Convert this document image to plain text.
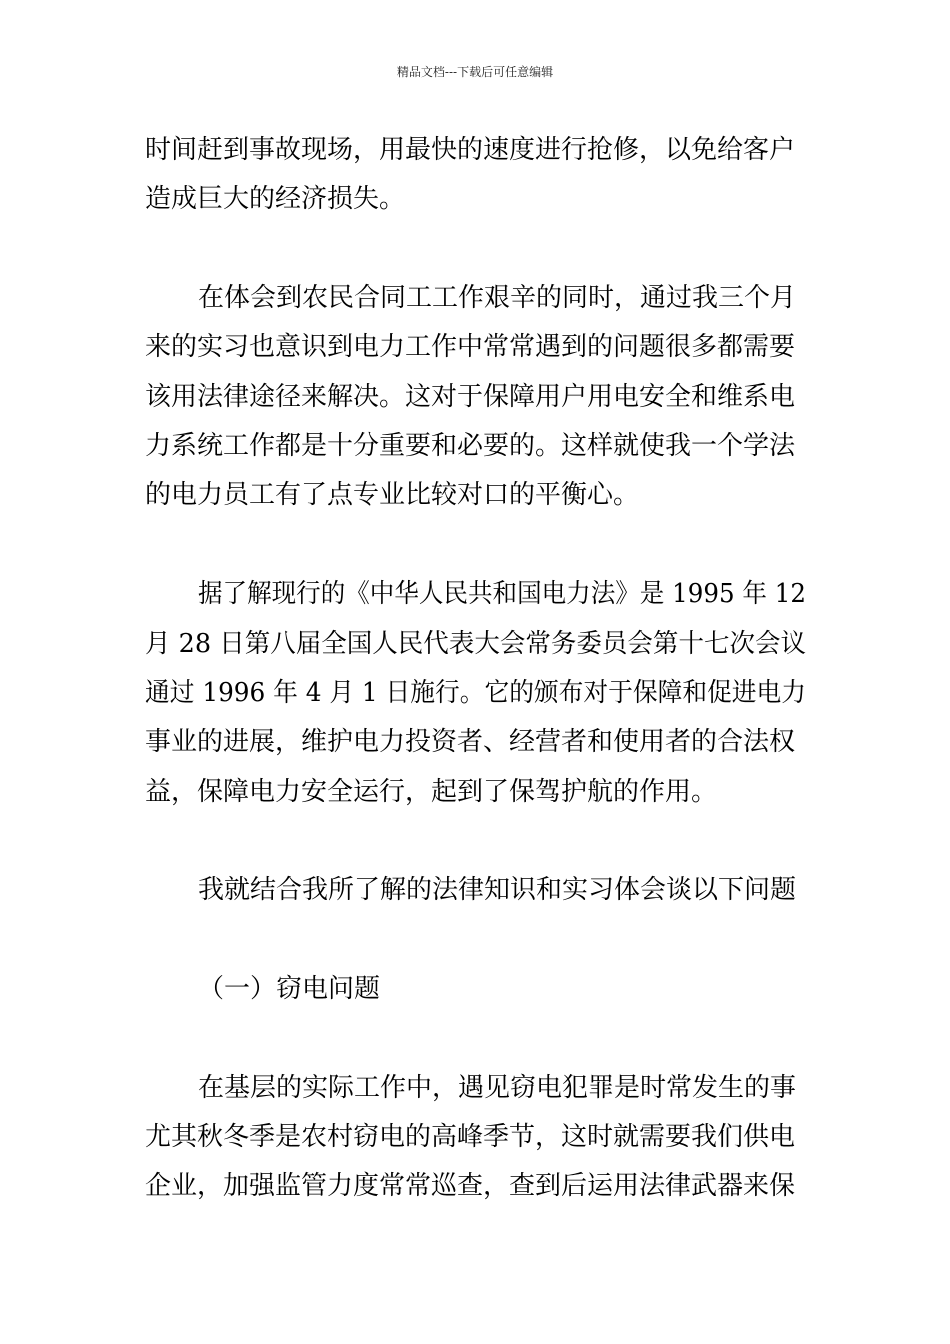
精品文档---下载后可任意编辑
时间赶到事故现场，用最快的速度进行抢修，以免给客户
造成巨大的经济损失。
在体会到农民合同工工作艰辛的同时，通过我三个月
来的实习也意识到电力工作中常常遇到的问题很多都需要
该用法律途径来解决。这对于保障用户用电安全和维系电
力系统工作都是十分重要和必要的。这样就使我一个学法
的电力员工有了点专业比较对口的平衡心。
据了解现行的《中华人民共和国电力法》是 1995 年 12
月 28 日第八届全国人民代表大会常务委员会第十七次会议
通过 1996 年 4 月 1 日施行。它的颁布对于保障和促进电力
事业的进展，维护电力投资者、经营者和使用者的合法权
益，保障电力安全运行，起到了保驾护航的作用。
我就结合我所了解的法律知识和实习体会谈以下问题
（一）窃电问题
在基层的实际工作中，遇见窃电犯罪是时常发生的事
尤其秋冬季是农村窃电的高峰季节，这时就需要我们供电
企业，加强监管力度常常巡查，查到后运用法律武器来保
